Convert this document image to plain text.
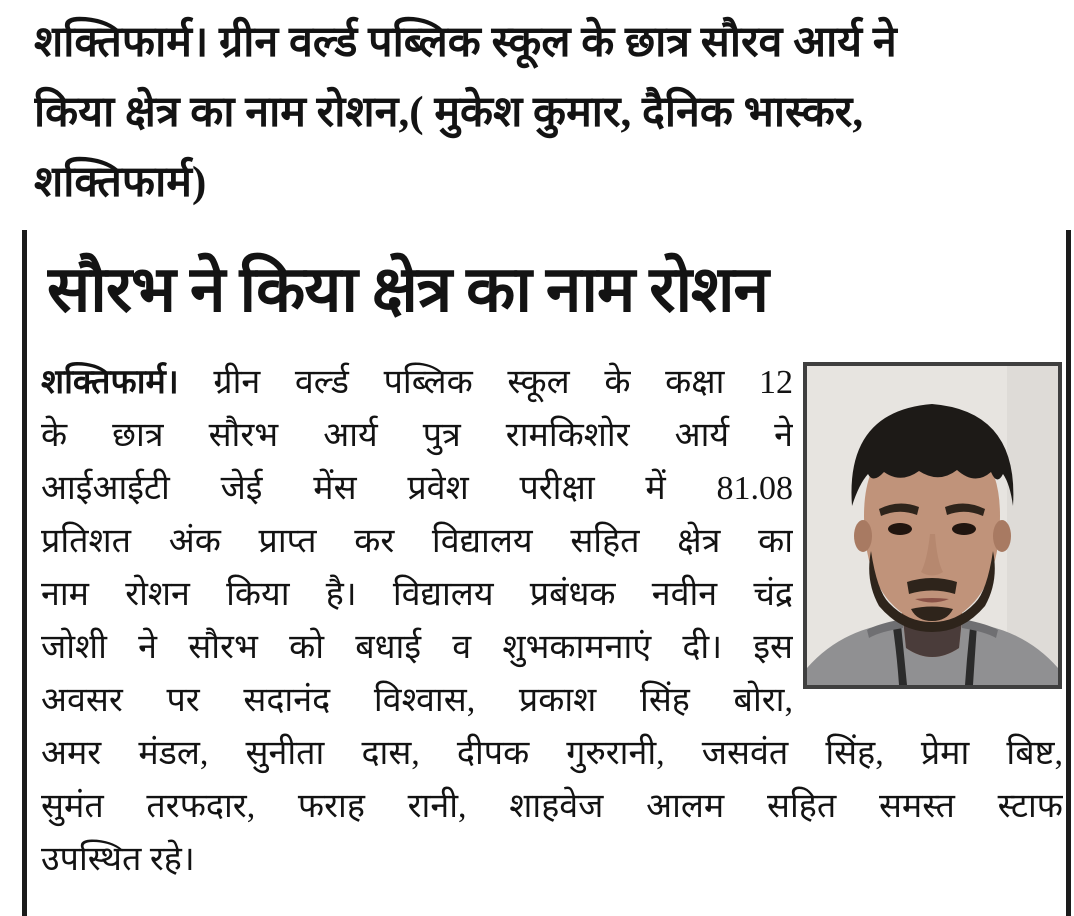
शक्तिफार्म। ग्रीन वर्ल्ड पब्लिक स्कूल के छात्र सौरव आर्य ने
किया क्षेत्र का नाम रोशन,( मुकेश कुमार, दैनिक भास्कर,
शक्तिफार्म)
सौरभ ने किया क्षेत्र का नाम रोशन
शक्तिफार्म। ग्रीन वर्ल्ड पब्लिक स्कूल के कक्षा 12
के छात्र सौरभ आर्य पुत्र रामकिशोर आर्य ने
आईआईटी जेई मेंस प्रवेश परीक्षा में 81.08
प्रतिशत अंक प्राप्त कर विद्यालय सहित क्षेत्र का
नाम रोशन किया है। विद्यालय प्रबंधक नवीन चंद्र
जोशी ने सौरभ को बधाई व शुभकामनाएं दी। इस
अवसर पर सदानंद विश्वास, प्रकाश सिंह बोरा,
अमर मंडल, सुनीता दास, दीपक गुरुरानी, जसवंत सिंह, प्रेमा बिष्ट,
सुमंत तरफदार, फराह रानी, शाहवेज आलम सहित समस्त स्टाफ
उपस्थित रहे।
